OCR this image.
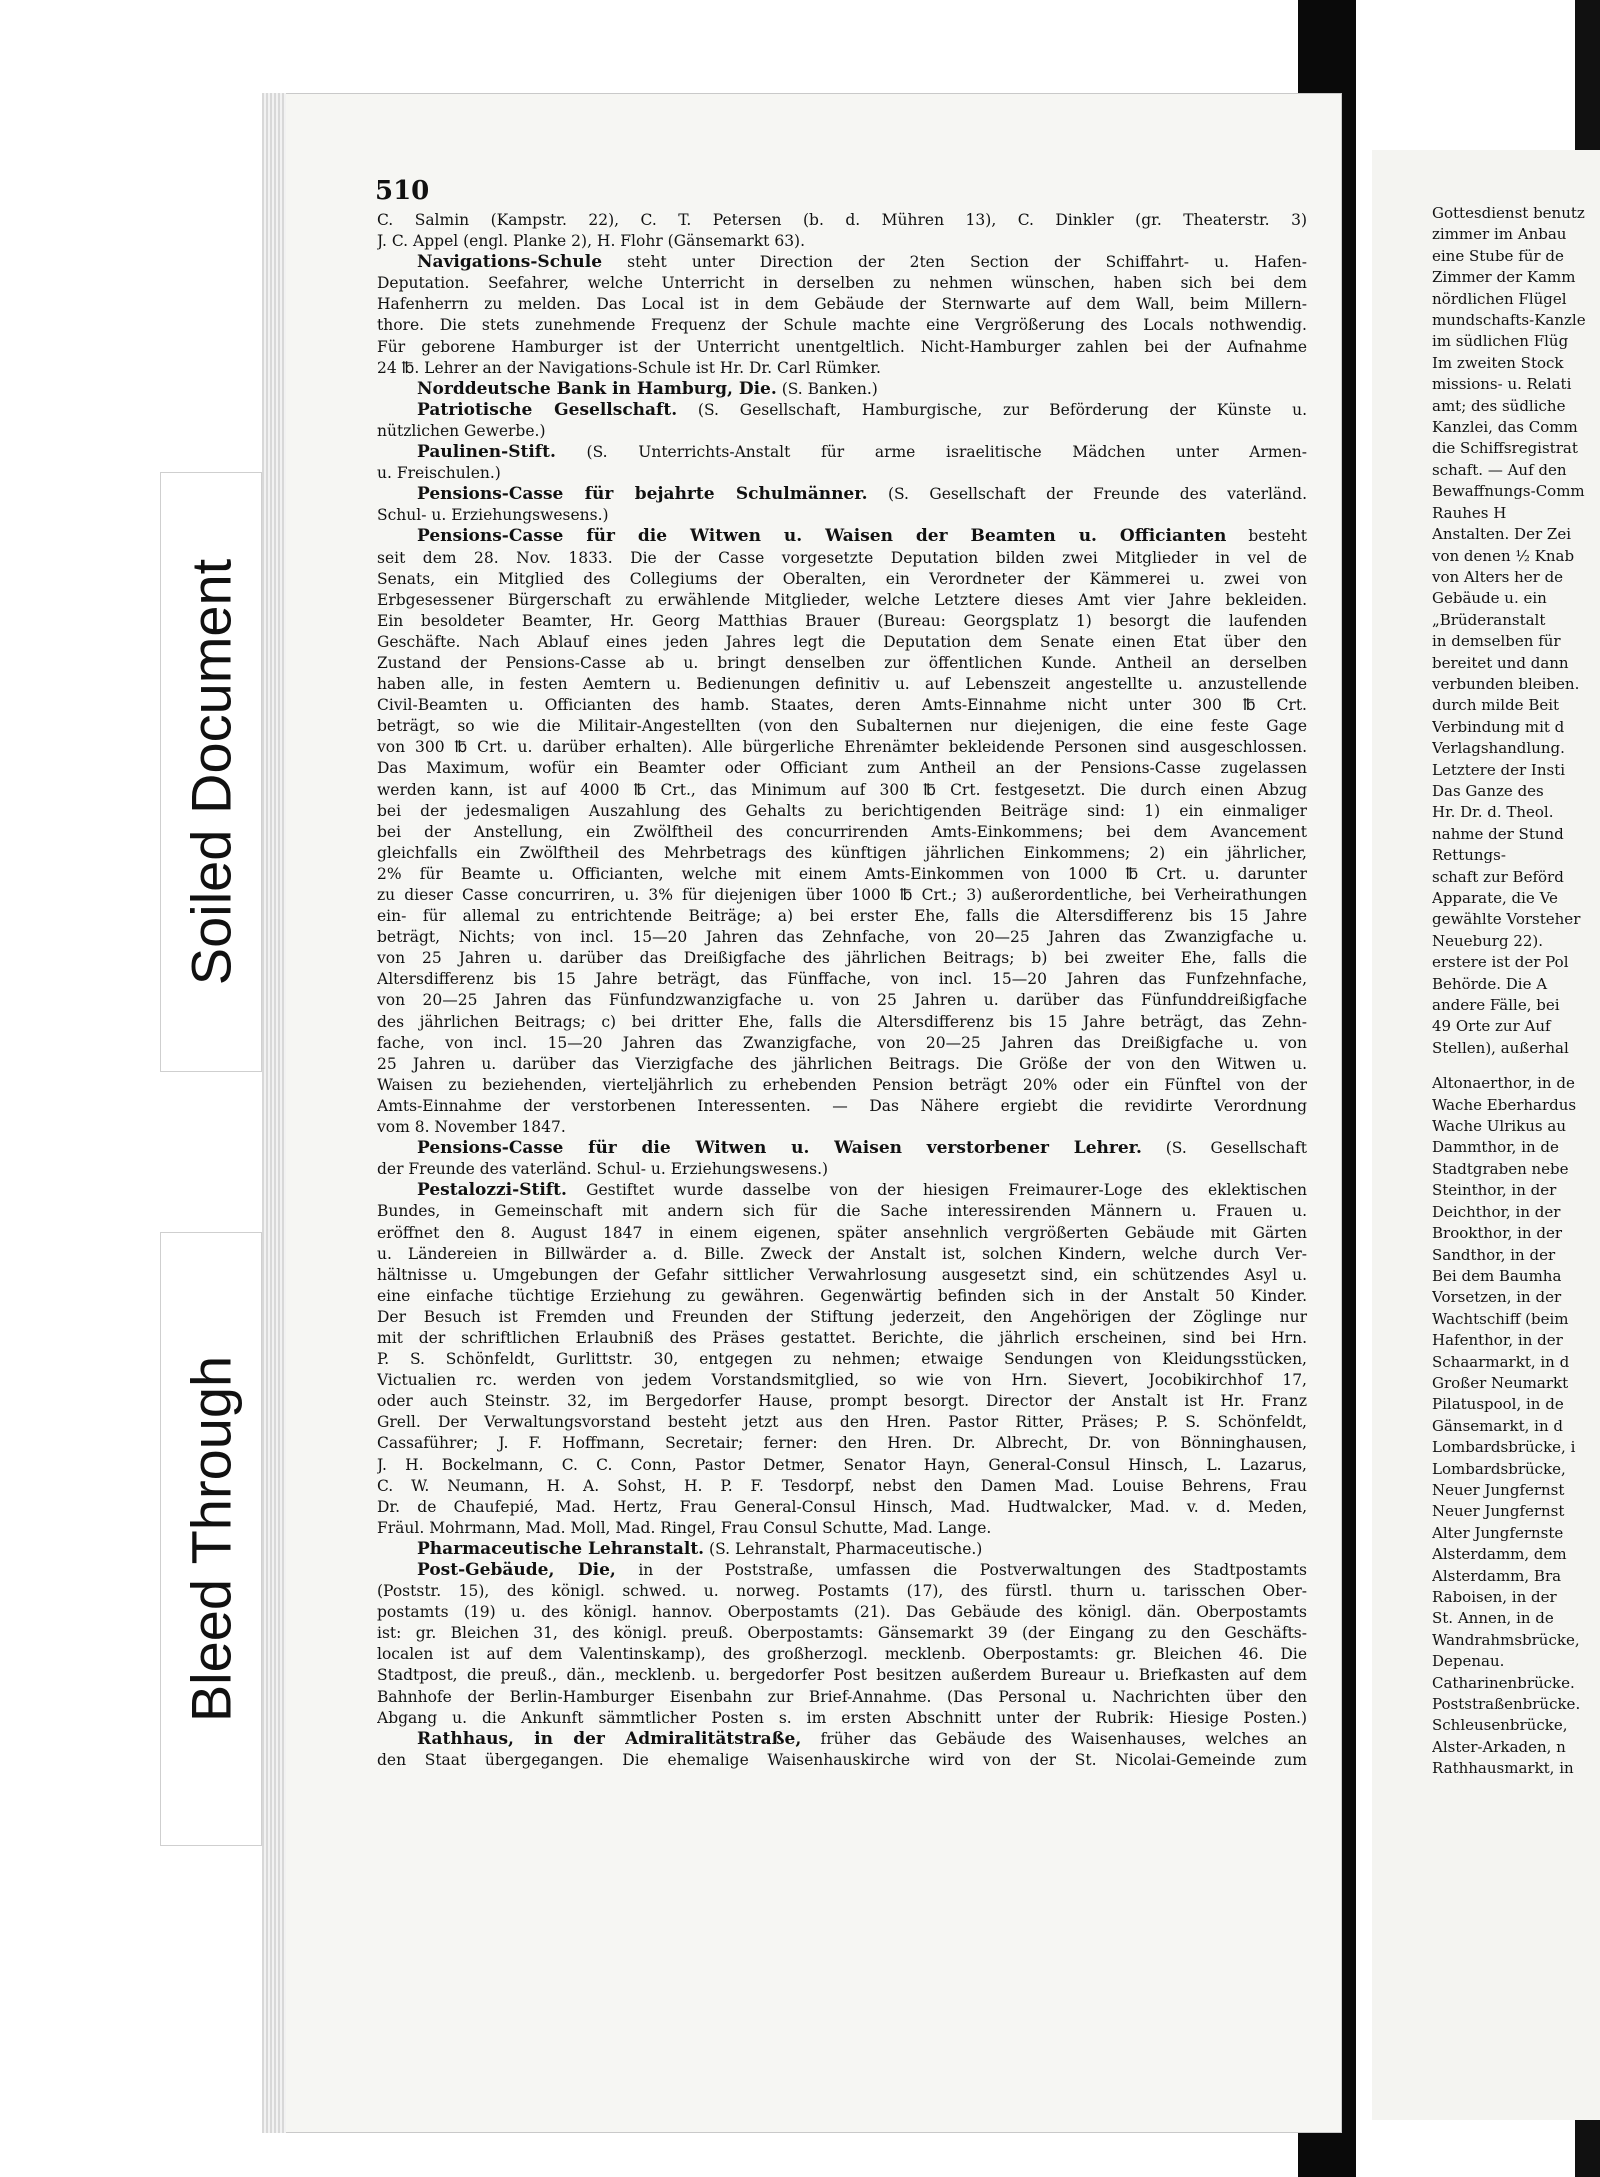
Soiled Document
Bleed Through
510
C. Salmin (Kampstr. 22), C. T. Petersen (b. d. Mühren 13), C. Dinkler (gr. Theaterstr. 3)
J. C. Appel (engl. Planke 2), H. Flohr (Gänsemarkt 63).
Navigations-Schule steht unter Direction der 2ten Section der Schiffahrt- u. Hafen-
Deputation. Seefahrer, welche Unterricht in derselben zu nehmen wünschen, haben sich bei dem
Hafenherrn zu melden. Das Local ist in dem Gebäude der Sternwarte auf dem Wall, beim Millern-
thore. Die stets zunehmende Frequenz der Schule machte eine Vergrößerung des Locals nothwendig.
Für geborene Hamburger ist der Unterricht unentgeltlich. Nicht-Hamburger zahlen bei der Aufnahme
24 ℔. Lehrer an der Navigations-Schule ist Hr. Dr. Carl Rümker.
Norddeutsche Bank in Hamburg, Die. (S. Banken.)
Patriotische Gesellschaft. (S. Gesellschaft, Hamburgische, zur Beförderung der Künste u.
nützlichen Gewerbe.)
Paulinen-Stift. (S. Unterrichts-Anstalt für arme israelitische Mädchen unter Armen-
u. Freischulen.)
Pensions-Casse für bejahrte Schulmänner. (S. Gesellschaft der Freunde des vaterländ.
Schul- u. Erziehungswesens.)
Pensions-Casse für die Witwen u. Waisen der Beamten u. Officianten besteht
seit dem 28. Nov. 1833. Die der Casse vorgesetzte Deputation bilden zwei Mitglieder in vel de
Senats, ein Mitglied des Collegiums der Oberalten, ein Verordneter der Kämmerei u. zwei von
Erbgesessener Bürgerschaft zu erwählende Mitglieder, welche Letztere dieses Amt vier Jahre bekleiden.
Ein besoldeter Beamter, Hr. Georg Matthias Brauer (Bureau: Georgsplatz 1) besorgt die laufenden
Geschäfte. Nach Ablauf eines jeden Jahres legt die Deputation dem Senate einen Etat über den
Zustand der Pensions-Casse ab u. bringt denselben zur öffentlichen Kunde. Antheil an derselben
haben alle, in festen Aemtern u. Bedienungen definitiv u. auf Lebenszeit angestellte u. anzustellende
Civil-Beamten u. Officianten des hamb. Staates, deren Amts-Einnahme nicht unter 300 ℔ Crt.
beträgt, so wie die Militair-Angestellten (von den Subalternen nur diejenigen, die eine feste Gage
von 300 ℔ Crt. u. darüber erhalten). Alle bürgerliche Ehrenämter bekleidende Personen sind ausgeschlossen.
Das Maximum, wofür ein Beamter oder Officiant zum Antheil an der Pensions-Casse zugelassen
werden kann, ist auf 4000 ℔ Crt., das Minimum auf 300 ℔ Crt. festgesetzt. Die durch einen Abzug
bei der jedesmaligen Auszahlung des Gehalts zu berichtigenden Beiträge sind: 1) ein einmaliger
bei der Anstellung, ein Zwölftheil des concurrirenden Amts-Einkommens; bei dem Avancement
gleichfalls ein Zwölftheil des Mehrbetrags des künftigen jährlichen Einkommens; 2) ein jährlicher,
2% für Beamte u. Officianten, welche mit einem Amts-Einkommen von 1000 ℔ Crt. u. darunter
zu dieser Casse concurriren, u. 3% für diejenigen über 1000 ℔ Crt.; 3) außerordentliche, bei Verheirathungen
ein- für allemal zu entrichtende Beiträge; a) bei erster Ehe, falls die Altersdifferenz bis 15 Jahre
beträgt, Nichts; von incl. 15—20 Jahren das Zehnfache, von 20—25 Jahren das Zwanzigfache u.
von 25 Jahren u. darüber das Dreißigfache des jährlichen Beitrags; b) bei zweiter Ehe, falls die
Altersdifferenz bis 15 Jahre beträgt, das Fünffache, von incl. 15—20 Jahren das Funfzehnfache,
von 20—25 Jahren das Fünfundzwanzigfache u. von 25 Jahren u. darüber das Fünfunddreißigfache
des jährlichen Beitrags; c) bei dritter Ehe, falls die Altersdifferenz bis 15 Jahre beträgt, das Zehn-
fache, von incl. 15—20 Jahren das Zwanzigfache, von 20—25 Jahren das Dreißigfache u. von
25 Jahren u. darüber das Vierzigfache des jährlichen Beitrags. Die Größe der von den Witwen u.
Waisen zu beziehenden, vierteljährlich zu erhebenden Pension beträgt 20% oder ein Fünftel von der
Amts-Einnahme der verstorbenen Interessenten. — Das Nähere ergiebt die revidirte Verordnung
vom 8. November 1847.
Pensions-Casse für die Witwen u. Waisen verstorbener Lehrer. (S. Gesellschaft
der Freunde des vaterländ. Schul- u. Erziehungswesens.)
Pestalozzi-Stift. Gestiftet wurde dasselbe von der hiesigen Freimaurer-Loge des eklektischen
Bundes, in Gemeinschaft mit andern sich für die Sache interessirenden Männern u. Frauen u.
eröffnet den 8. August 1847 in einem eigenen, später ansehnlich vergrößerten Gebäude mit Gärten
u. Ländereien in Billwärder a. d. Bille. Zweck der Anstalt ist, solchen Kindern, welche durch Ver-
hältnisse u. Umgebungen der Gefahr sittlicher Verwahrlosung ausgesetzt sind, ein schützendes Asyl u.
eine einfache tüchtige Erziehung zu gewähren. Gegenwärtig befinden sich in der Anstalt 50 Kinder.
Der Besuch ist Fremden und Freunden der Stiftung jederzeit, den Angehörigen der Zöglinge nur
mit der schriftlichen Erlaubniß des Präses gestattet. Berichte, die jährlich erscheinen, sind bei Hrn.
P. S. Schönfeldt, Gurlittstr. 30, entgegen zu nehmen; etwaige Sendungen von Kleidungsstücken,
Victualien rc. werden von jedem Vorstandsmitglied, so wie von Hrn. Sievert, Jocobikirchhof 17,
oder auch Steinstr. 32, im Bergedorfer Hause, prompt besorgt. Director der Anstalt ist Hr. Franz
Grell. Der Verwaltungsvorstand besteht jetzt aus den Hren. Pastor Ritter, Präses; P. S. Schönfeldt,
Cassaführer; J. F. Hoffmann, Secretair; ferner: den Hren. Dr. Albrecht, Dr. von Bönninghausen,
J. H. Bockelmann, C. C. Conn, Pastor Detmer, Senator Hayn, General-Consul Hinsch, L. Lazarus,
C. W. Neumann, H. A. Sohst, H. P. F. Tesdorpf, nebst den Damen Mad. Louise Behrens, Frau
Dr. de Chaufepié, Mad. Hertz, Frau General-Consul Hinsch, Mad. Hudtwalcker, Mad. v. d. Meden,
Fräul. Mohrmann, Mad. Moll, Mad. Ringel, Frau Consul Schutte, Mad. Lange.
Pharmaceutische Lehranstalt. (S. Lehranstalt, Pharmaceutische.)
Post-Gebäude, Die, in der Poststraße, umfassen die Postverwaltungen des Stadtpostamts
(Poststr. 15), des königl. schwed. u. norweg. Postamts (17), des fürstl. thurn u. tarisschen Ober-
postamts (19) u. des königl. hannov. Oberpostamts (21). Das Gebäude des königl. dän. Oberpostamts
ist: gr. Bleichen 31, des königl. preuß. Oberpostamts: Gänsemarkt 39 (der Eingang zu den Geschäfts-
localen ist auf dem Valentinskamp), des großherzogl. mecklenb. Oberpostamts: gr. Bleichen 46. Die
Stadtpost, die preuß., dän., mecklenb. u. bergedorfer Post besitzen außerdem Bureaur u. Briefkasten auf dem
Bahnhofe der Berlin-Hamburger Eisenbahn zur Brief-Annahme. (Das Personal u. Nachrichten über den
Abgang u. die Ankunft sämmtlicher Posten s. im ersten Abschnitt unter der Rubrik: Hiesige Posten.)
Rathhaus, in der Admiralitätstraße, früher das Gebäude des Waisenhauses, welches an
den Staat übergegangen. Die ehemalige Waisenhauskirche wird von der St. Nicolai-Gemeinde zum
Gottesdienst benutz
zimmer im Anbau
eine Stube für de
Zimmer der Kamm
nördlichen Flügel
mundschafts-Kanzle
im südlichen Flüg
Im zweiten Stock
missions- u. Relati
amt; des südliche
Kanzlei, das Comm
die Schiffsregistrat
schaft. — Auf den
Bewaffnungs-Comm
Rauhes H
Anstalten. Der Zei
von denen ½ Knab
von Alters her de
Gebäude u. ein
„Brüderanstalt
in demselben für
bereitet und dann
verbunden bleiben.
durch milde Beit
Verbindung mit d
Verlagshandlung.
Letztere der Insti
Das Ganze des
Hr. Dr. d. Theol.
nahme der Stund
Rettungs-
schaft zur Beförd
Apparate, die Ve
gewählte Vorsteher
Neueburg 22).
erstere ist der Pol
Behörde. Die A
andere Fälle, bei
49 Orte zur Auf
Stellen), außerhal
Altonaerthor, in de
Wache Eberhardus
Wache Ulrikus au
Dammthor, in de
Stadtgraben nebe
Steinthor, in der
Deichthor, in der
Brookthor, in der
Sandthor, in der
Bei dem Baumha
Vorsetzen, in der
Wachtschiff (beim
Hafenthor, in der
Schaarmarkt, in d
Großer Neumarkt
Pilatuspool, in de
Gänsemarkt, in d
Lombardsbrücke, i
Lombardsbrücke,
Neuer Jungfernst
Neuer Jungfernst
Alter Jungfernste
Alsterdamm, dem
Alsterdamm, Bra
Raboisen, in der
St. Annen, in de
Wandrahmsbrücke,
Depenau.
Catharinenbrücke.
Poststraßenbrücke.
Schleusenbrücke,
Alster-Arkaden, n
Rathhausmarkt, in
